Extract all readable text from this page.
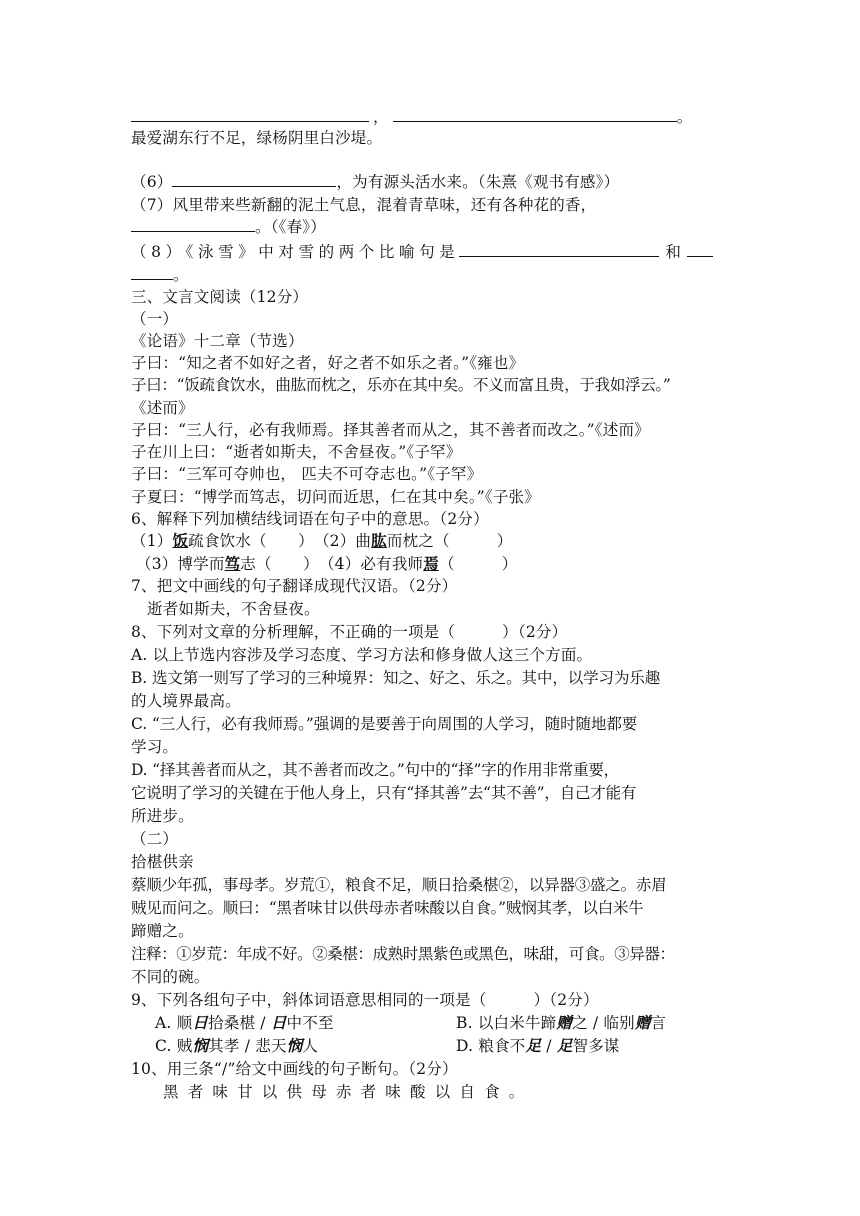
，	。
最爱湖东行不足，绿杨阴里白沙堤。
（6）	，为有源头活水来。（朱熹《观书有感》）
（7）风里带来些新翻的泥土气息，混着青草味，还有各种花的香，
。（《春》）
（8）《泳雪》中对雪的两个比喻句是	和
。
三、文言文阅读（12分）
（一）
《论语》十二章（节选）
子曰：“知之者不如好之者，好之者不如乐之者。”《雍也》
子曰：“饭疏食饮水，曲肱而枕之，乐亦在其中矣。不义而富且贵，于我如浮云。”
《述而》
子曰：“三人行，必有我师焉。择其善者而从之，其不善者而改之。”《述而》
子在川上曰：“逝者如斯夫，不舍昼夜。”《子罕》
子曰：“三军可夺帅也， 匹夫不可夺志也。”《子罕》
子夏曰：“博学而笃志，切问而近思，仁在其中矣。”《子张》
6、解释下列加横结线词语在句子中的意思。（2分）
（1）饭疏食饮水（　　）　（2）曲肱而枕之（　　　）
（3）博学而笃志（　　）　（4）必有我师焉（　　　）
7、把文中画线的句子翻译成现代汉语。（2分）
逝者如斯夫，不舍昼夜。
8、下列对文章的分析理解，不正确的一项是（　　　）（2分）
A. 以上节选内容涉及学习态度、学习方法和修身做人这三个方面。
B. 选文第一则写了学习的三种境界：知之、好之、乐之。其中，以学习为乐趣
的人境界最高。
C. “三人行，必有我师焉。”强调的是要善于向周围的人学习，随时随地都要
学习。
D. “择其善者而从之，其不善者而改之。”句中的“择”字的作用非常重要，
它说明了学习的关键在于他人身上，只有“择其善”去“其不善”，自己才能有
所进步。
（二）
拾椹供亲
蔡顺少年孤，事母孝。岁荒①，粮食不足，顺日拾桑椹②，以异器③盛之。赤眉
贼见而问之。顺曰：“黑者味甘以供母赤者味酸以自食。”贼悯其孝，以白米牛
蹄赠之。
注释：①岁荒：年成不好。②桑椹：成熟时黑紫色或黑色，味甜，可食。③异器：
不同的碗。
9、下列各组句子中，斜体词语意思相同的一项是（　　　）（2分）
A. 顺日拾桑椹 / 日中不至	B. 以白米牛蹄赠之 / 临别赠言
C. 贼悯其孝 / 悲天悯人	D. 粮食不足 / 足智多谋
10、用三条“/”给文中画线的句子断句。（2分）
黑者味甘以供母赤者味酸以自食。
